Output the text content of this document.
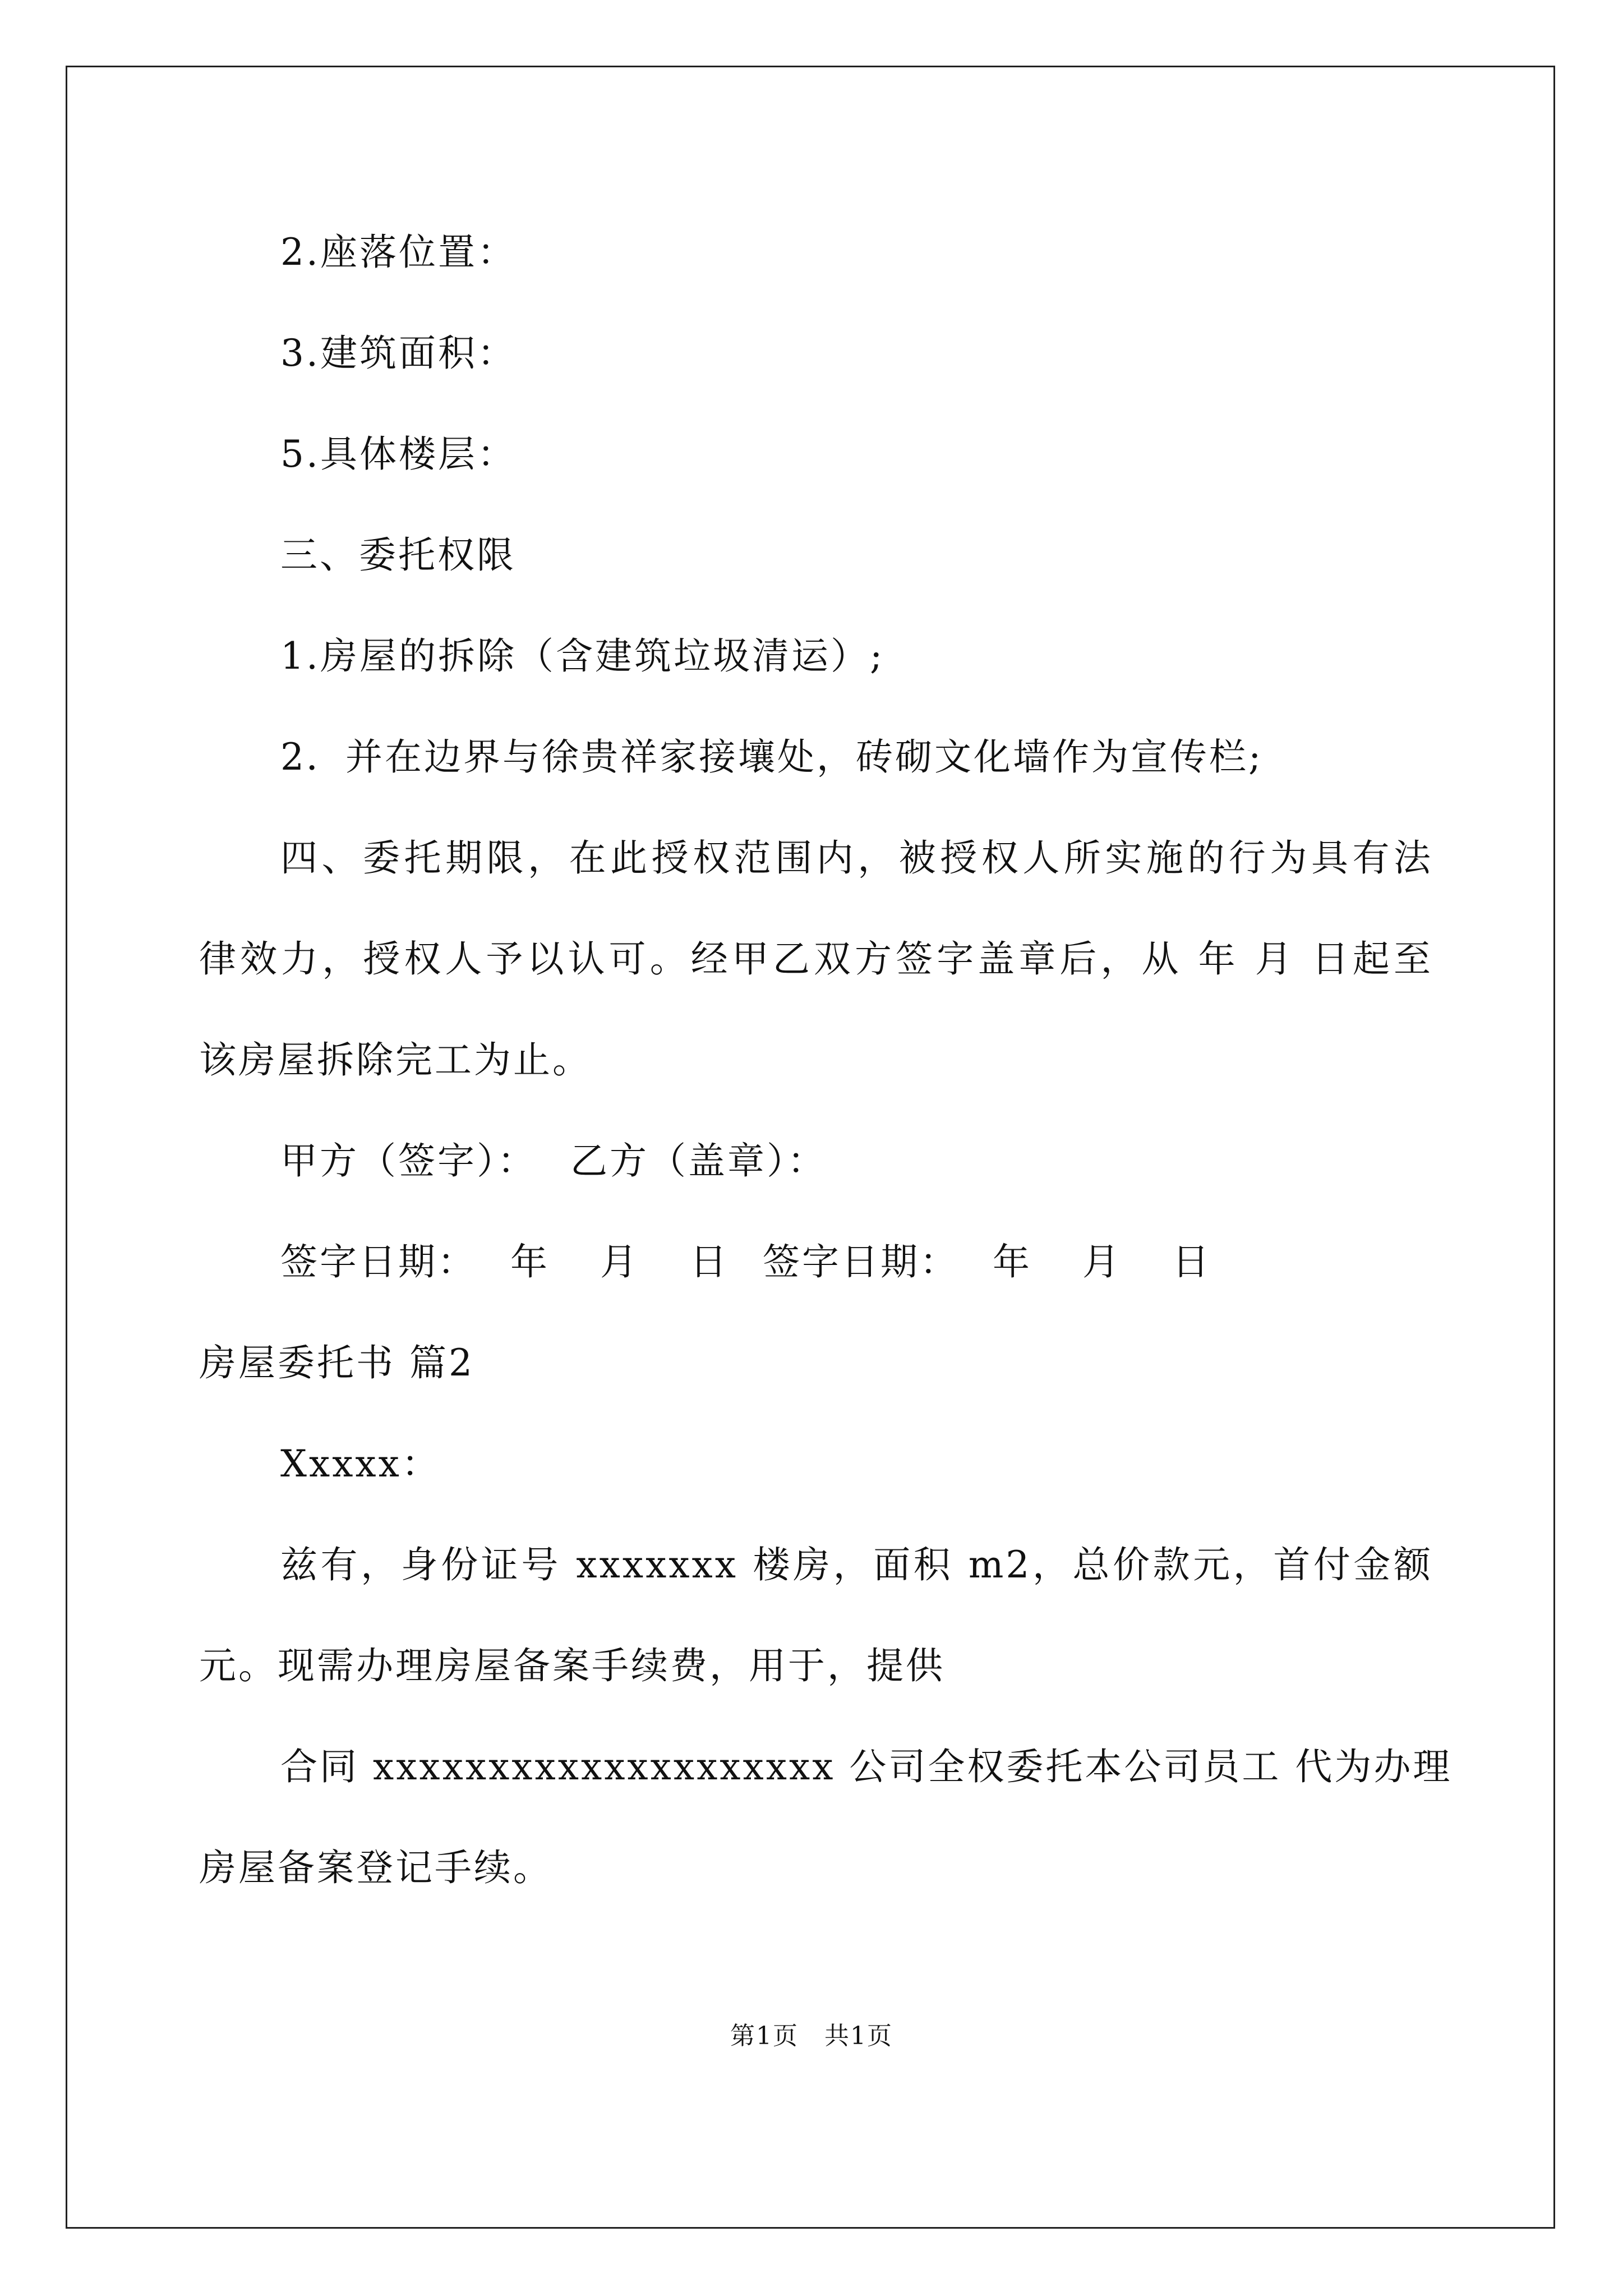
2.座落位置：

3.建筑面积：

5.具体楼层：

三、委托权限

1.房屋的拆除（含建筑垃圾清运）;

2．并在边界与徐贵祥家接壤处，砖砌文化墙作为宣传栏;

四、委托期限，在此授权范围内，被授权人所实施的行为具有法

律效力，授权人予以认可。经甲乙双方签字盖章后，从 年 月 日起至

该房屋拆除完工为止。

甲方（签字）： 乙方（盖章）：

签字日期： 年 月 日 签字日期： 年 月 日

房屋委托书 篇2

Xxxxx：

兹有，身份证号 xxxxxxx 楼房，面积 m2，总价款元，首付金额

元。现需办理房屋备案手续费，用于，提供

合同 xxxxxxxxxxxxxxxxxxxx 公司全权委托本公司员工 代为办理

房屋备案登记手续。

第1页　共1页
